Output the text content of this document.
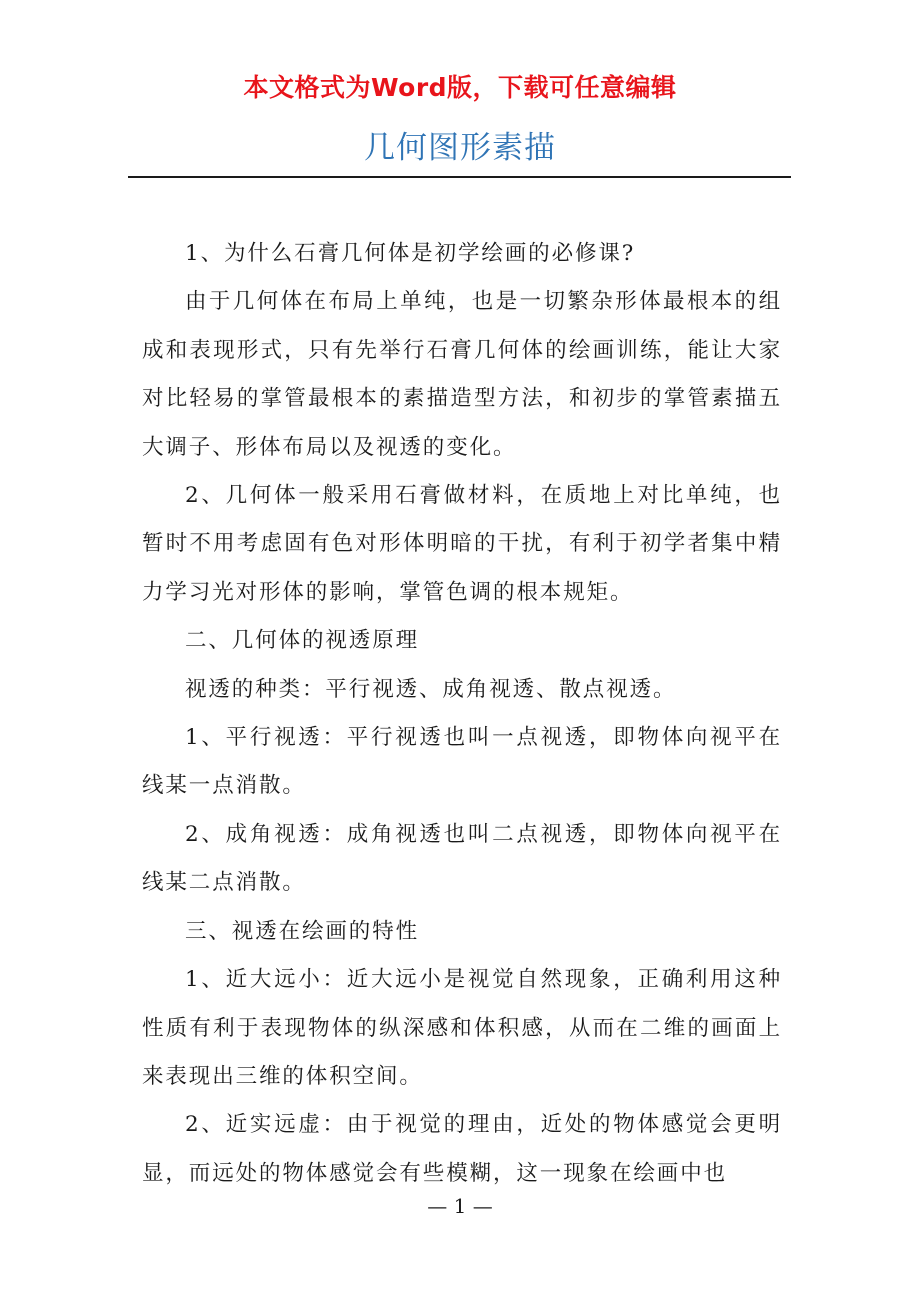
本文格式为Word版，下载可任意编辑
几何图形素描

1、为什么石膏几何体是初学绘画的必修课?

由于几何体在布局上单纯，也是一切繁杂形体最根本的组成和表现形式，只有先举行石膏几何体的绘画训练，能让大家对比轻易的掌管最根本的素描造型方法，和初步的掌管素描五大调子、形体布局以及视透的变化。

2、几何体一般采用石膏做材料，在质地上对比单纯，也暂时不用考虑固有色对形体明暗的干扰，有利于初学者集中精力学习光对形体的影响，掌管色调的根本规矩。

二、几何体的视透原理

视透的种类：平行视透、成角视透、散点视透。

1、平行视透：平行视透也叫一点视透，即物体向视平在线某一点消散。

2、成角视透：成角视透也叫二点视透，即物体向视平在线某二点消散。

三、视透在绘画的特性

1、近大远小：近大远小是视觉自然现象，正确利用这种性质有利于表现物体的纵深感和体积感，从而在二维的画面上来表现出三维的体积空间。

2、近实远虚：由于视觉的理由，近处的物体感觉会更明显，而远处的物体感觉会有些模糊，这一现象在绘画中也

— 1 —
